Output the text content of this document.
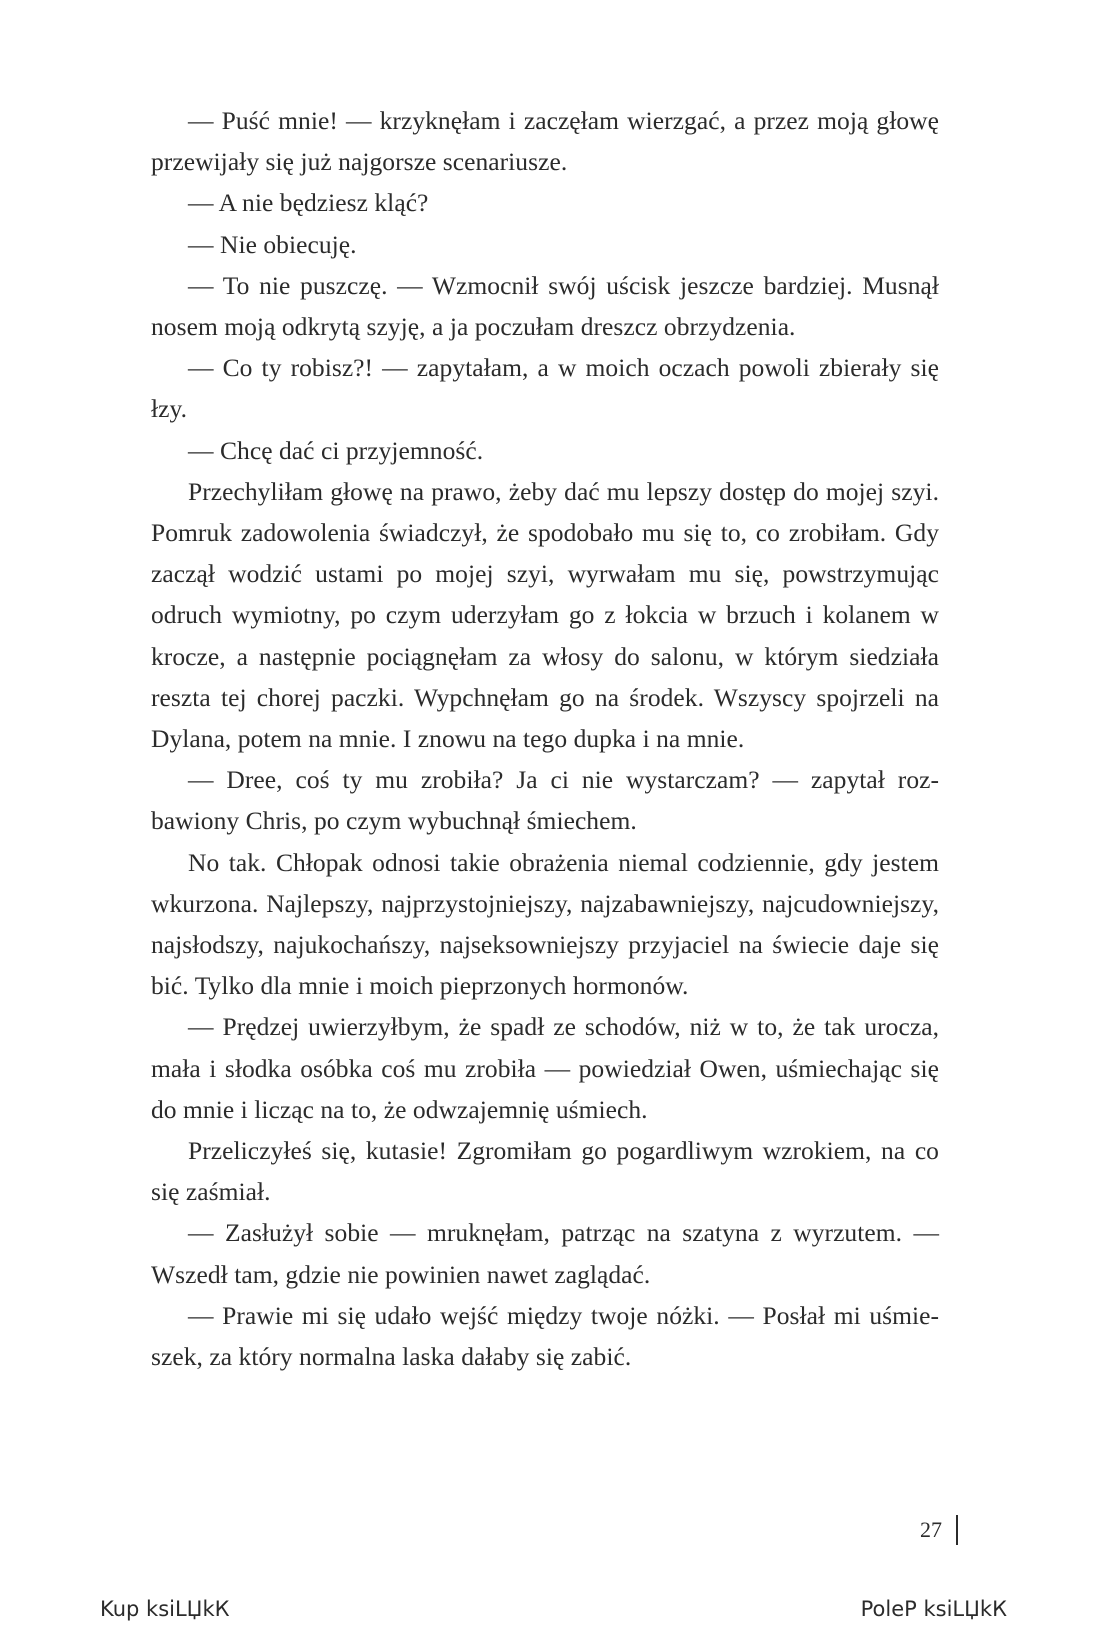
— Puść mnie! — krzyknęłam i zaczęłam wierzgać, a przez moją głowę przewijały się już najgorsze scenariusze.

— A nie będziesz kląć?

— Nie obiecuję.

— To nie puszczę. — Wzmocnił swój uścisk jeszcze bardziej. Musnął nosem moją odkrytą szyję, a ja poczułam dreszcz obrzydzenia.

— Co ty robisz?! — zapytałam, a w moich oczach powoli zbierały się łzy.

— Chcę dać ci przyjemność.

Przechyliłam głowę na prawo, żeby dać mu lepszy dostęp do mojej szyi. Pomruk zadowolenia świadczył, że spodobało mu się to, co zrobiłam. Gdy zaczął wodzić ustami po mojej szyi, wyrwałam mu się, powstrzymując odruch wymiotny, po czym uderzyłam go z łokcia w brzuch i kolanem w krocze, a następnie pociągnęłam za włosy do salonu, w którym siedziała reszta tej chorej paczki. Wypchnęłam go na środek. Wszyscy spojrzeli na Dylana, potem na mnie. I znowu na tego dupka i na mnie.

— Dree, coś ty mu zrobiła? Ja ci nie wystarczam? — zapytał rozbawiony Chris, po czym wybuchnął śmiechem.

No tak. Chłopak odnosi takie obrażenia niemal codziennie, gdy jestem wkurzona. Najlepszy, najprzystojniejszy, najzabawniejszy, najcudowniejszy, najsłodszy, najukochańszy, najseksowniejszy przyjaciel na świecie daje się bić. Tylko dla mnie i moich pieprzonych hormonów.

— Prędzej uwierzyłbym, że spadł ze schodów, niż w to, że tak urocza, mała i słodka osóbka coś mu zrobiła — powiedział Owen, uśmiechając się do mnie i licząc na to, że odwzajemnię uśmiech.

Przeliczyłeś się, kutasie! Zgromiłam go pogardliwym wzrokiem, na co się zaśmiał.

— Zasłużył sobie — mruknęłam, patrząc na szatyna z wyrzutem. — Wszedł tam, gdzie nie powinien nawet zaglądać.

— Prawie mi się udało wejść między twoje nóżki. — Posłał mi uśmieszek, za który normalna laska dałaby się zabić.

27
Kup ksiLЏkК	PoleР ksiLЏkК
